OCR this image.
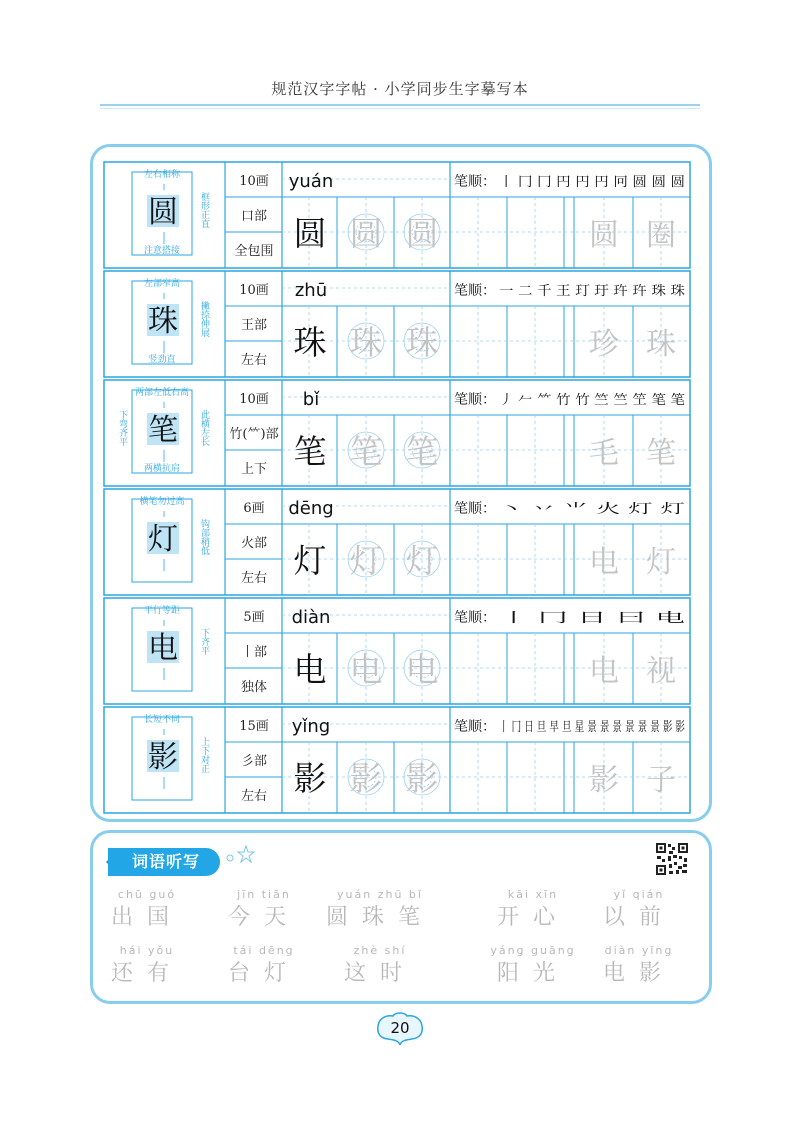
规范汉字字帖 · 小学同步生字摹写本
圆
左右相称
框形正直
注意搭接
10画
口部
全包围
yuán
圆 圆 圆
笔顺： 丨 冂 冂 円 円 円 冋 圆 圆 圆
圆 圈
珠
左部窄高
撇捺伸展
竖劲直
10画
王部
左右
zhū
珠 珠 珠
笔顺： 一 二 千 王 玎 玗 玝 玝 珠 珠
珍 珠
笔
两部左低右高
此横左长
两横抗肩
下弯齐平
10画
竹(⺮)部
上下
bǐ
笔 笔 笔
笔顺： 丿 𠂉 ⺮ 竹 竹 竺 竺 笁 笔 笔
毛 笔
灯
横笔勿过高
钩部稍低
6画
火部
左右
dēng
灯 灯 灯
笔顺： 丶 丷 ⺌ 火 灯 灯
电 灯
电
平行等距
下齐平
5画
丨部
独体
diàn
电 电 电
笔顺： 丨 冂 日 曰 电
电 视
影
长短不同
上下对正
15画
彡部
左右
yǐng
影 影 影
笔顺： 丨 冂 日 旦 早 旦 星 景 景 景 景 景 景 影 影
影 子
词语听写
chū guó
出国
jīn tiān
今天
yuán zhū bǐ
圆珠笔
kāi xīn
开心
yǐ qián
以前
hái yǒu
还有
tái dēng
台灯
zhè shí
这时
yáng guāng
阳光
diàn yǐng
电影
20
